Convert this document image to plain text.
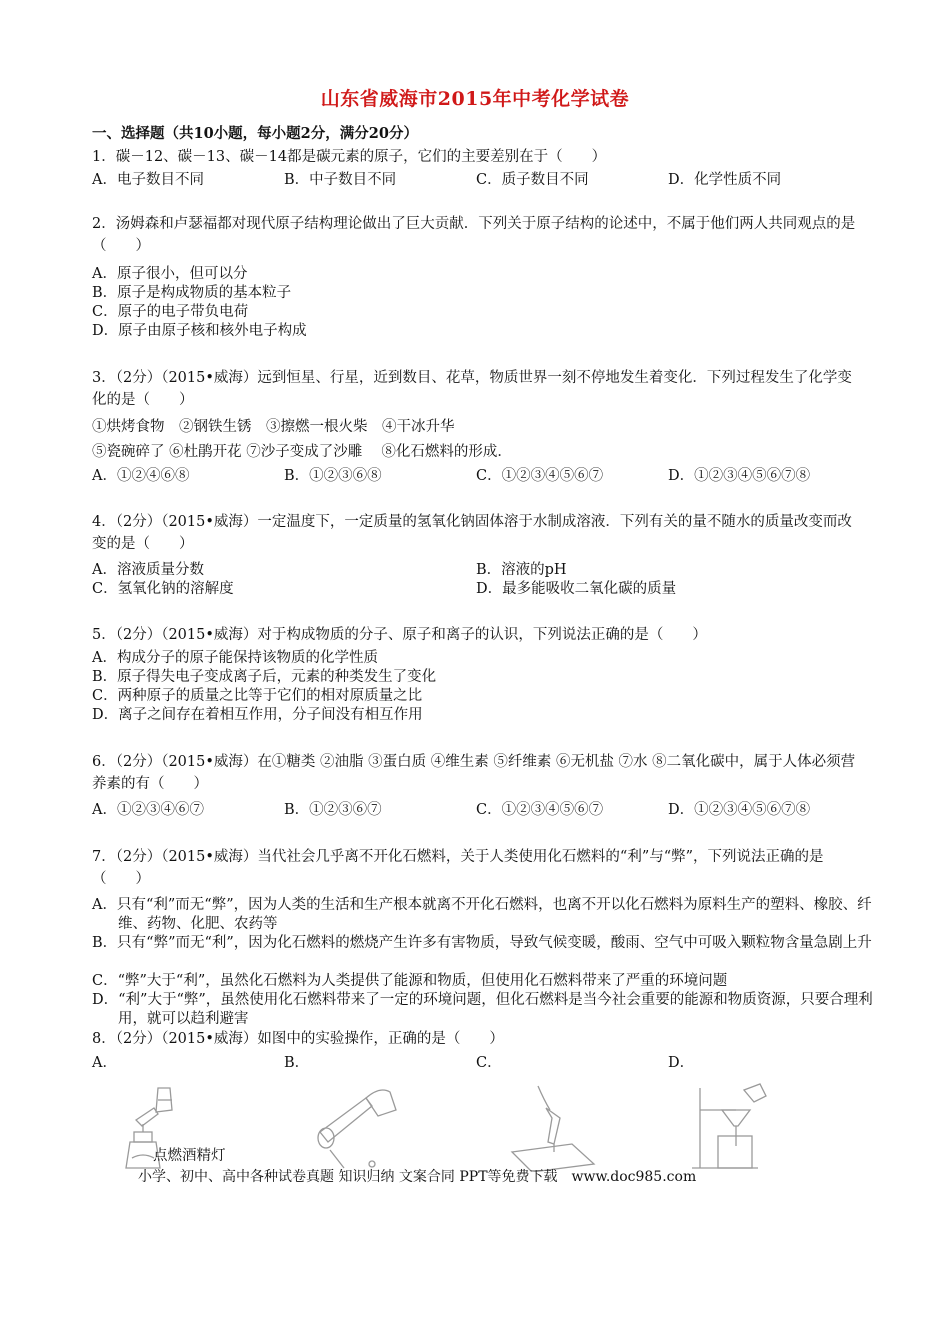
山东省威海市2015年中考化学试卷
一、选择题（共10小题，每小题2分，满分20分）
1．碳－12、碳－13、碳－14都是碳元素的原子，它们的主要差别在于（　　）
A．电子数目不同	B．中子数目不同	C．质子数目不同	D．化学性质不同
2．汤姆森和卢瑟福都对现代原子结构理论做出了巨大贡献．下列关于原子结构的论述中，不属于他们两人共同观点的是（　　）
A．原子很小，但可以分
B．原子是构成物质的基本粒子
C．原子的电子带负电荷
D．原子由原子核和核外电子构成
3．（2分）（2015•威海）远到恒星、行星，近到数目、花草，物质世界一刻不停地发生着变化．下列过程发生了化学变化的是（　　）
①烘烤食物　②钢铁生锈　③擦燃一根火柴　④干冰升华
⑤瓷碗碎了 ⑥杜鹃开花 ⑦沙子变成了沙雕　 ⑧化石燃料的形成．
A．①②④⑥⑧	B．①②③⑥⑧	C．①②③④⑤⑥⑦	D．①②③④⑤⑥⑦⑧
4．（2分）（2015•威海）一定温度下，一定质量的氢氧化钠固体溶于水制成溶液．下列有关的量不随水的质量改变而改变的是（　　）
A．溶液质量分数	B．溶液的pH
C．氢氧化钠的溶解度	D．最多能吸收二氧化碳的质量
5．（2分）（2015•威海）对于构成物质的分子、原子和离子的认识，下列说法正确的是（　　）
A．构成分子的原子能保持该物质的化学性质
B．原子得失电子变成离子后，元素的种类发生了变化
C．两种原子的质量之比等于它们的相对原质量之比
D．离子之间存在着相互作用，分子间没有相互作用
6．（2分）（2015•威海）在①糖类 ②油脂 ③蛋白质 ④维生素 ⑤纤维素 ⑥无机盐 ⑦水 ⑧二氧化碳中，属于人体必须营养素的有（　　）
A．①②③④⑥⑦	B．①②③⑥⑦	C．①②③④⑤⑥⑦	D．①②③④⑤⑥⑦⑧
7．（2分）（2015•威海）当代社会几乎离不开化石燃料，关于人类使用化石燃料的“利”与“弊”，下列说法正确的是（　　）
A．只有“利”而无“弊”，因为人类的生活和生产根本就离不开化石燃料，也离不开以化石燃料为原料生产的塑料、橡胶、纤维、药物、化肥、农药等
B．只有“弊”而无“利”，因为化石燃料的燃烧产生许多有害物质，导致气候变暖，酸雨、空气中可吸入颗粒物含量急剧上升
C．“弊”大于“利”，虽然化石燃料为人类提供了能源和物质，但使用化石燃料带来了严重的环境问题
D．“利”大于“弊”，虽然使用化石燃料带来了一定的环境问题，但化石燃料是当今社会重要的能源和物质资源，只要合理利用，就可以趋利避害
8．（2分）（2015•威海）如图中的实验操作，正确的是（　　）
A．	B．	C．	D．
点燃酒精灯
小学、初中、高中各种试卷真题 知识归纳 文案合同 PPT等免费下载　www.doc985.com
